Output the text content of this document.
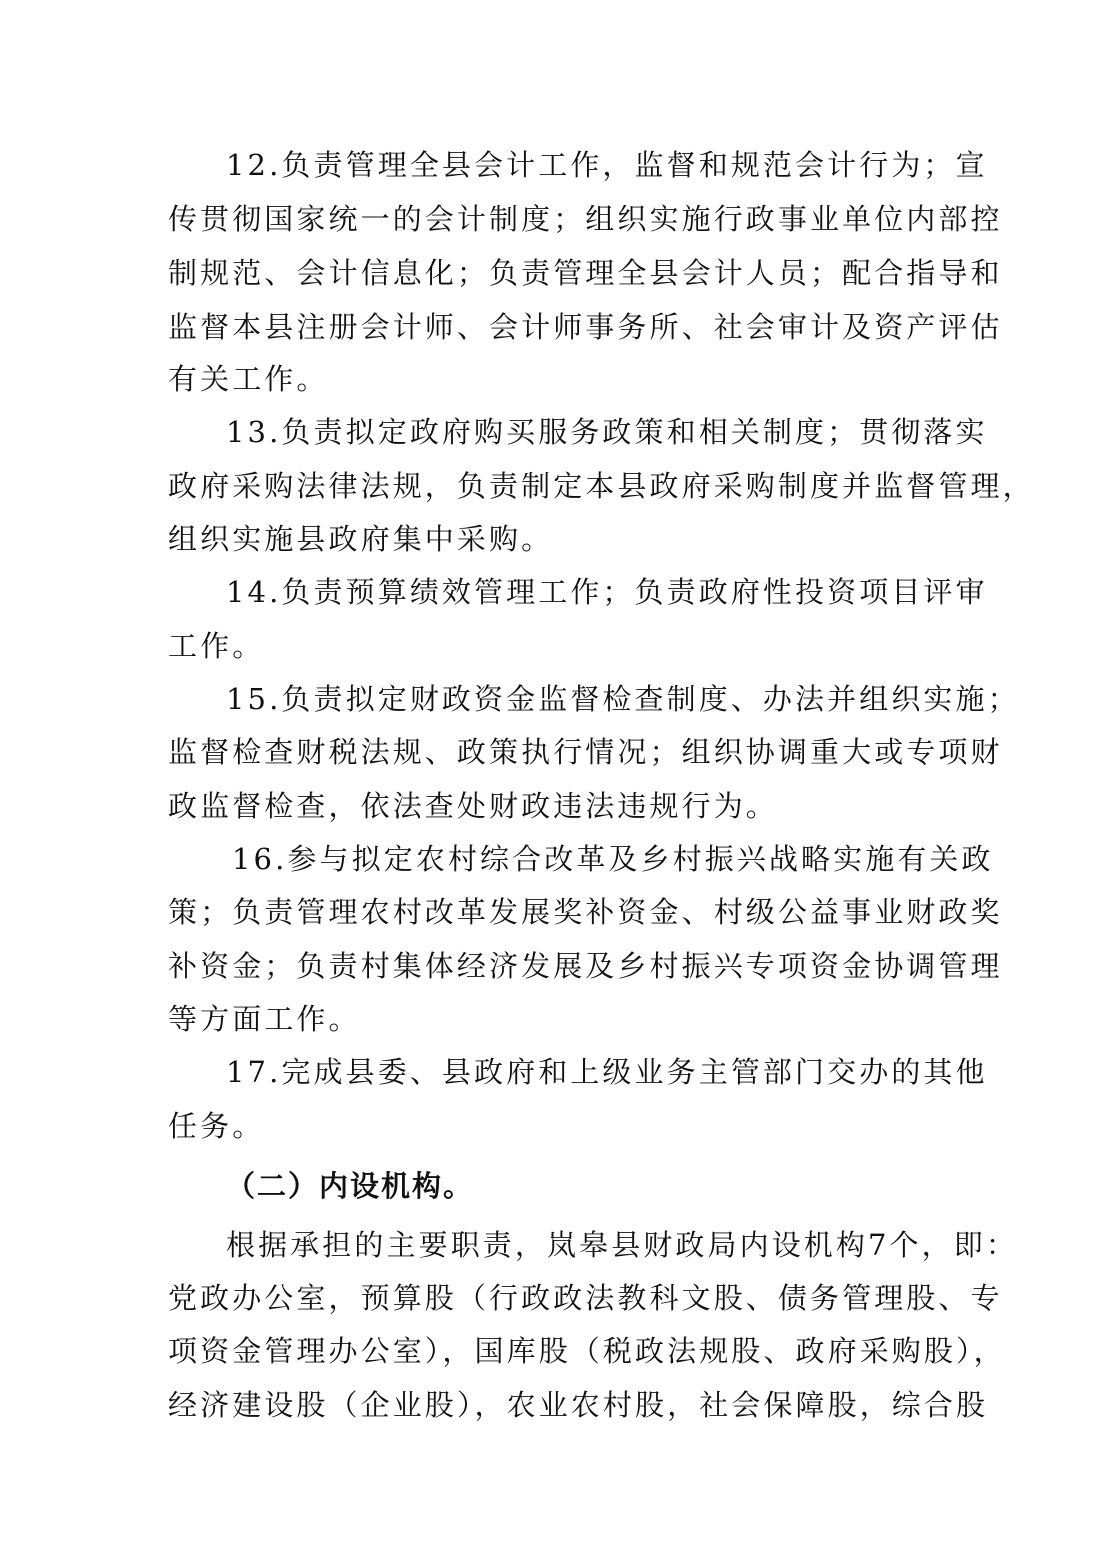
12.负责管理全县会计工作，监督和规范会计行为；宣
传贯彻国家统一的会计制度；组织实施行政事业单位内部控
制规范、会计信息化；负责管理全县会计人员；配合指导和
监督本县注册会计师、会计师事务所、社会审计及资产评估
有关工作。
13.负责拟定政府购买服务政策和相关制度；贯彻落实
政府采购法律法规，负责制定本县政府采购制度并监督管理，
组织实施县政府集中采购。
14.负责预算绩效管理工作；负责政府性投资项目评审
工作。
15.负责拟定财政资金监督检查制度、办法并组织实施；
监督检查财税法规、政策执行情况；组织协调重大或专项财
政监督检查，依法查处财政违法违规行为。
16.参与拟定农村综合改革及乡村振兴战略实施有关政
策；负责管理农村改革发展奖补资金、村级公益事业财政奖
补资金；负责村集体经济发展及乡村振兴专项资金协调管理
等方面工作。
17.完成县委、县政府和上级业务主管部门交办的其他
任务。
（二）内设机构。
根据承担的主要职责，岚皋县财政局内设机构7个，即：
党政办公室，预算股（行政政法教科文股、债务管理股、专
项资金管理办公室），国库股（税政法规股、政府采购股），
经济建设股（企业股），农业农村股，社会保障股，综合股
